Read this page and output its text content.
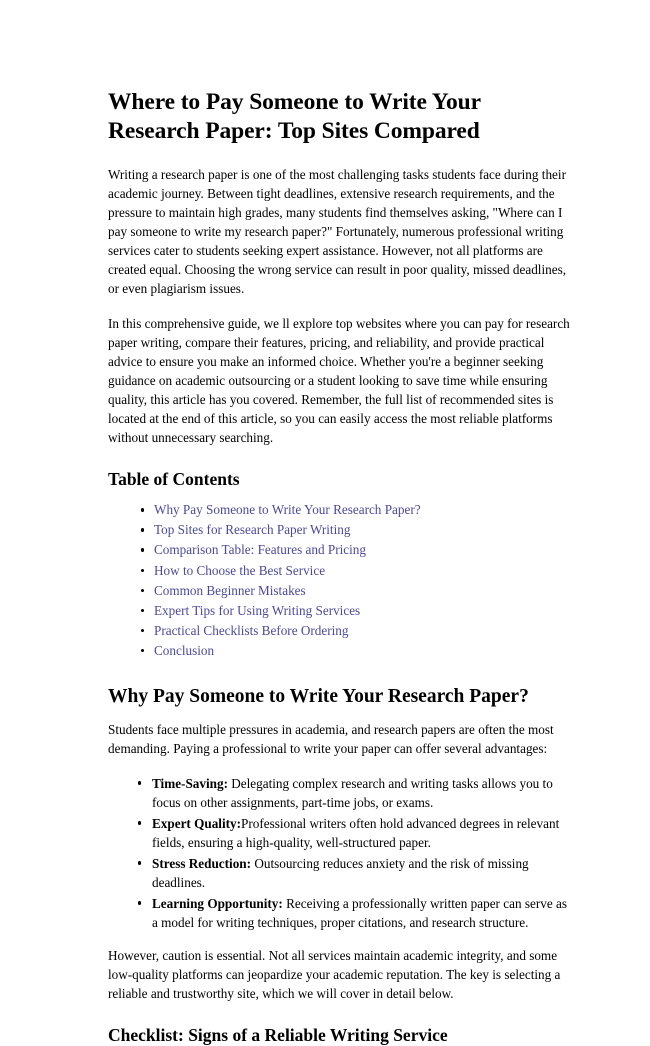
Where to Pay Someone to Write Your Research Paper: Top Sites Compared

Writing a research paper is one of the most challenging tasks students face during their academic journey. Between tight deadlines, extensive research requirements, and the pressure to maintain high grades, many students find themselves asking, "Where can I pay someone to write my research paper?" Fortunately, numerous professional writing services cater to students seeking expert assistance. However, not all platforms are created equal. Choosing the wrong service can result in poor quality, missed deadlines, or even plagiarism issues.

In this comprehensive guide, we ll explore top websites where you can pay for research paper writing, compare their features, pricing, and reliability, and provide practical advice to ensure you make an informed choice. Whether you're a beginner seeking guidance on academic outsourcing or a student looking to save time while ensuring quality, this article has you covered. Remember, the full list of recommended sites is located at the end of this article, so you can easily access the most reliable platforms without unnecessary searching.

Table of Contents
Why Pay Someone to Write Your Research Paper?
Top Sites for Research Paper Writing
Comparison Table: Features and Pricing
How to Choose the Best Service
Common Beginner Mistakes
Expert Tips for Using Writing Services
Practical Checklists Before Ordering
Conclusion
Why Pay Someone to Write Your Research Paper?

Students face multiple pressures in academia, and research papers are often the most demanding. Paying a professional to write your paper can offer several advantages:

Time-Saving: Delegating complex research and writing tasks allows you to focus on other assignments, part-time jobs, or exams.
Expert Quality:Professional writers often hold advanced degrees in relevant fields, ensuring a high-quality, well-structured paper.
Stress Reduction: Outsourcing reduces anxiety and the risk of missing deadlines.
Learning Opportunity: Receiving a professionally written paper can serve as a model for writing techniques, proper citations, and research structure.

However, caution is essential. Not all services maintain academic integrity, and some low-quality platforms can jeopardize your academic reputation. The key is selecting a reliable and trustworthy site, which we will cover in detail below.

Checklist: Signs of a Reliable Writing Service
